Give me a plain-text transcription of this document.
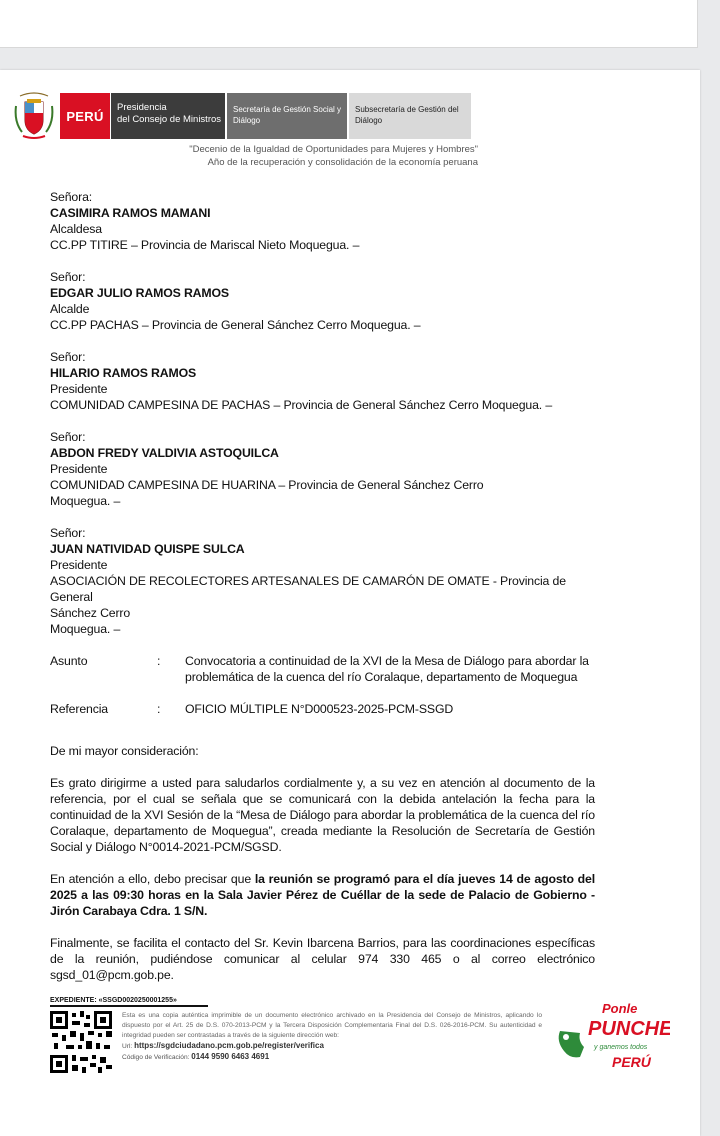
PERÚ
Presidencia
del Consejo de Ministros
Secretaría de Gestión Social y
Diálogo
Subsecretaría de Gestión del
Diálogo
"Decenio de la Igualdad de Oportunidades para Mujeres y Hombres"
Año de la recuperación y consolidación de la economía peruana
Señora:
CASIMIRA RAMOS MAMANI
Alcaldesa
CC.PP TITIRE – Provincia de Mariscal Nieto Moquegua. –
Señor:
EDGAR JULIO RAMOS RAMOS
Alcalde
CC.PP PACHAS – Provincia de General Sánchez Cerro Moquegua. –
Señor:
HILARIO RAMOS RAMOS
Presidente
COMUNIDAD CAMPESINA DE PACHAS – Provincia de General Sánchez Cerro Moquegua. –
Señor:
ABDON FREDY VALDIVIA ASTOQUILCA
Presidente
COMUNIDAD CAMPESINA DE HUARINA – Provincia de General Sánchez Cerro
Moquegua. –
Señor:
JUAN NATIVIDAD QUISPE SULCA
Presidente
ASOCIACIÓN DE RECOLECTORES ARTESANALES DE CAMARÓN DE OMATE - Provincia de General
Sánchez Cerro
Moquegua. –
Asunto	:	Convocatoria a continuidad de la XVI de la Mesa de Diálogo para abordar la problemática de la cuenca del río Coralaque, departamento de Moquegua
Referencia	:	OFICIO MÚLTIPLE N°D000523-2025-PCM-SSGD
De mi mayor consideración:
Es grato dirigirme a usted para saludarlos cordialmente y, a su vez en atención al documento de la referencia, por el cual se señala que se comunicará con la debida antelación la fecha para la continuidad de la XVI Sesión de la “Mesa de Diálogo para abordar la problemática de la cuenca del río Coralaque, departamento de Moquegua”, creada mediante la Resolución de Secretaría de Gestión Social y Diálogo N°0014-2021-PCM/SGSD.
En atención a ello, debo precisar que la reunión se programó para el día jueves 14 de agosto del 2025 a las 09:30 horas en la Sala Javier Pérez de Cuéllar de la sede de Palacio de Gobierno - Jirón Carabaya Cdra. 1 S/N.
Finalmente, se facilita el contacto del Sr. Kevin Ibarcena Barrios, para las coordinaciones específicas de la reunión, pudiéndose comunicar al celular 974 330 465 o al correo electrónico sgsd_01@pcm.gob.pe.
EXPEDIENTE: «SSGD0020250001255»
Esta es una copia auténtica imprimible de un documento electrónico archivado en la Presidencia del Consejo de Ministros, aplicando lo dispuesto por el Art. 25 de D.S. 070-2013-PCM y la Tercera Disposición Complementaria Final del D.S. 026-2016-PCM. Su autenticidad e integridad pueden ser contrastadas a través de la siguiente dirección web:
Url: https://sgdciudadano.pcm.gob.pe/register/verifica
Código de Verificación: 0144 9590 6463 4691
Ponle
PUNCHE
y ganemos todos
PERÚ
